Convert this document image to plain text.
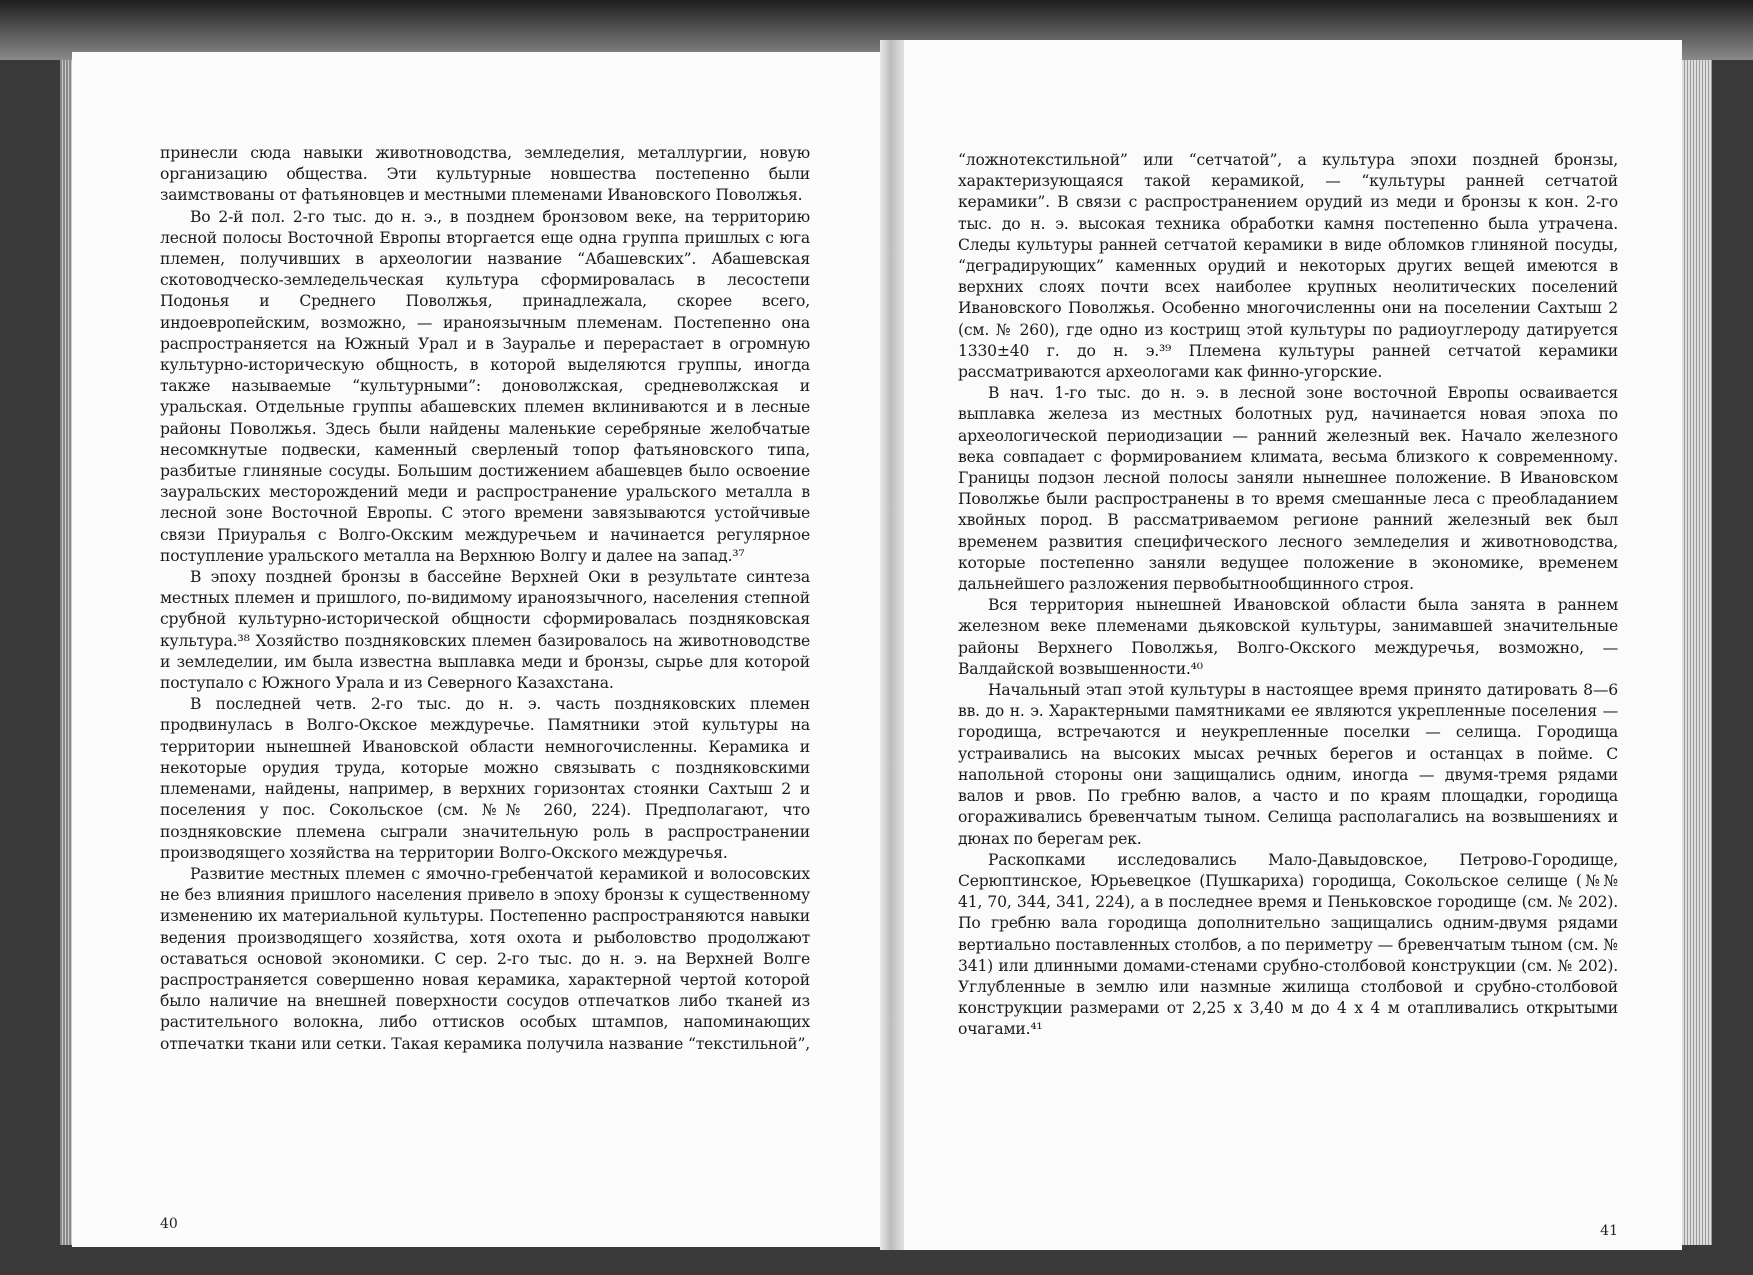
принесли сюда навыки животноводства, земледелия, металлургии, новую организацию общества. Эти культурные новшества постепенно были заимствованы от фатьяновцев и местными племенами Ивановского Поволжья.

Во 2-й пол. 2-го тыс. до н. э., в позднем бронзовом веке, на территорию лесной полосы Восточной Европы вторгается еще одна группа пришлых с юга племен, получивших в археологии название “Абашевских”. Абашевская скотоводческо-земледельческая культура сформировалась в лесостепи Подонья и Среднего Поволжья, принадлежала, скорее всего, индоевропейским, возможно, — ираноязычным племенам. Постепенно она распространяется на Южный Урал и в Зауралье и перерастает в огромную культурно-историческую общность, в которой выделяются группы, иногда также называемые “культурными”: доноволжская, средневолжская и уральская. Отдельные группы абашевских племен вклиниваются и в лесные районы Поволжья. Здесь были найдены маленькие серебряные желобчатые несомкнутые подвески, каменный сверленый топор фатьяновского типа, разбитые глиняные сосуды. Большим достижением абашевцев было освоение зауральских месторождений меди и распространение уральского металла в лесной зоне Восточной Европы. С этого времени завязываются устойчивые связи Приуралья с Волго-Окским междуречьем и начинается регулярное поступление уральского металла на Верхнюю Волгу и далее на запад.³⁷

В эпоху поздней бронзы в бассейне Верхней Оки в результате синтеза местных племен и пришлого, по-видимому ираноязычного, населения степной срубной культурно-исторической общности сформировалась поздняковская культура.³⁸ Хозяйство поздняковских племен базировалось на животноводстве и земледелии, им была известна выплавка меди и бронзы, сырье для которой поступало с Южного Урала и из Северного Казахстана.

В последней четв. 2-го тыс. до н. э. часть поздняковских племен продвинулась в Волго-Окское междуречье. Памятники этой культуры на территории нынешней Ивановской области немногочисленны. Керамика и некоторые орудия труда, которые можно связывать с поздняковскими племенами, найдены, например, в верхних горизонтах стоянки Сахтыш 2 и поселения у пос. Сокольское (см. №№ 260, 224). Предполагают, что поздняковские племена сыграли значительную роль в распространении производящего хозяйства на территории Волго-Окского междуречья.

Развитие местных племен с ямочно-гребенчатой керамикой и волосовских не без влияния пришлого населения привело в эпоху бронзы к существенному изменению их материальной культуры. Постепенно распространяются навыки ведения производящего хозяйства, хотя охота и рыболовство продолжают оставаться основой экономики. С сер. 2-го тыс. до н. э. на Верхней Волге распространяется совершенно новая керамика, характерной чертой которой было наличие на внешней поверхности сосудов отпечатков либо тканей из растительного волокна, либо оттисков особых штампов, напоминающих отпечатки ткани или сетки. Такая керамика получила название “текстильной”,

40

“ложнотекстильной” или “сетчатой”, а культура эпохи поздней бронзы, характеризующаяся такой керамикой, — “культуры ранней сетчатой керамики”. В связи с распространением орудий из меди и бронзы к кон. 2-го тыс. до н. э. высокая техника обработки камня постепенно была утрачена. Следы культуры ранней сетчатой керамики в виде обломков глиняной посуды, “деградирующих” каменных орудий и некоторых других вещей имеются в верхних слоях почти всех наиболее крупных неолитических поселений Ивановского Поволжья. Особенно многочисленны они на поселении Сахтыш 2 (см. № 260), где одно из кострищ этой культуры по радиоуглероду датируется 1330±40 г. до н. э.³⁹ Племена культуры ранней сетчатой керамики рассматриваются археологами как финно-угорские.

В нач. 1-го тыс. до н. э. в лесной зоне восточной Европы осваивается выплавка железа из местных болотных руд, начинается новая эпоха по археологической периодизации — ранний железный век. Начало железного века совпадает с формированием климата, весьма близкого к современному. Границы подзон лесной полосы заняли нынешнее положение. В Ивановском Поволжье были распространены в то время смешанные леса с преобладанием хвойных пород. В рассматриваемом регионе ранний железный век был временем развития специфического лесного земледелия и животноводства, которые постепенно заняли ведущее положение в экономике, временем дальнейшего разложения первобытнообщинного строя.

Вся территория нынешней Ивановской области была занята в раннем железном веке племенами дьяковской культуры, занимавшей значительные районы Верхнего Поволжья, Волго-Окского междуречья, возможно, — Валдайской возвышенности.⁴⁰

Начальный этап этой культуры в настоящее время принято датировать 8—6 вв. до н. э. Характерными памятниками ее являются укрепленные поселения — городища, встречаются и неукрепленные поселки — селища. Городища устраивались на высоких мысах речных берегов и останцах в пойме. С напольной стороны они защищались одним, иногда — двумя-тремя рядами валов и рвов. По гребню валов, а часто и по краям площадки, городища огораживались бревенчатым тыном. Селища располагались на возвышениях и дюнах по берегам рек.

Раскопками исследовались Мало-Давыдовское, Петрово-Городище, Серюптинское, Юрьевецкое (Пушкариха) городища, Сокольское селище (№№ 41, 70, 344, 341, 224), а в последнее время и Пеньковское городище (см. № 202). По гребню вала городища дополнительно защищались одним-двумя рядами вертиально поставленных столбов, а по периметру — бревенчатым тыном (см. № 341) или длинными домами-стенами срубно-столбовой конструкции (см. № 202). Углубленные в землю или назмные жилища столбовой и срубно-столбовой конструкции размерами от 2,25 х 3,40 м до 4 х 4 м отапливались открытыми очагами.⁴¹

41
